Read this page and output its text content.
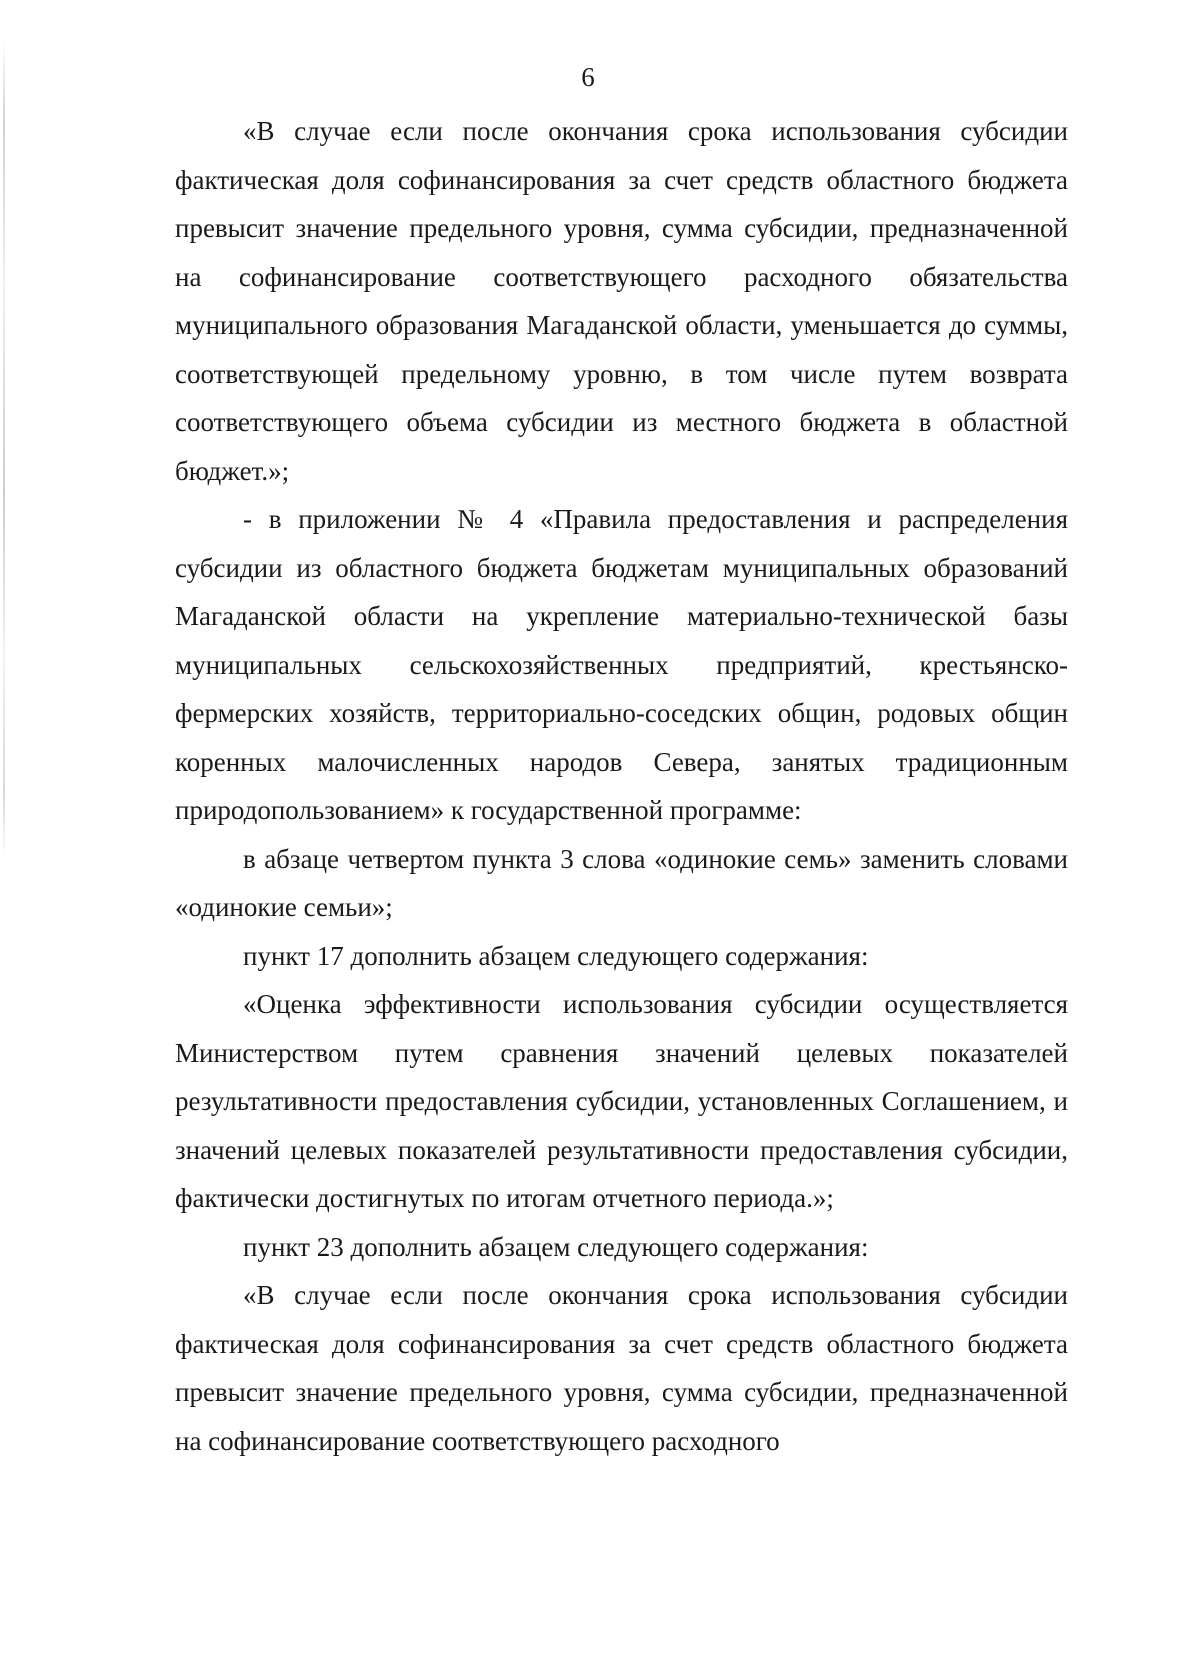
6

«В случае если после окончания срока использования субсидии фактическая доля софинансирования за счет средств областного бюджета превысит значение предельного уровня, сумма субсидии, предназначенной на софинансирование соответствующего расходного обязательства муниципального образования Магаданской области, уменьшается до суммы, соответствующей предельному уровню, в том числе путем возврата соответствующего объема субсидии из местного бюджета в областной бюджет.»;

- в приложении № 4 «Правила предоставления и распределения субсидии из областного бюджета бюджетам муниципальных образований Магаданской области на укрепление материально-технической базы муниципальных сельскохозяйственных предприятий, крестьянско-фермерских хозяйств, территориально-соседских общин, родовых общин коренных малочисленных народов Севера, занятых традиционным природопользованием» к государственной программе:

в абзаце четвертом пункта 3 слова «одинокие семь» заменить словами «одинокие семьи»;

пункт 17 дополнить абзацем следующего содержания:

«Оценка эффективности использования субсидии осуществляется Министерством путем сравнения значений целевых показателей результативности предоставления субсидии, установленных Соглашением, и значений целевых показателей результативности предоставления субсидии, фактически достигнутых по итогам отчетного периода.»;

пункт 23 дополнить абзацем следующего содержания:

«В случае если после окончания срока использования субсидии фактическая доля софинансирования за счет средств областного бюджета превысит значение предельного уровня, сумма субсидии, предназначенной на софинансирование соответствующего расходного
